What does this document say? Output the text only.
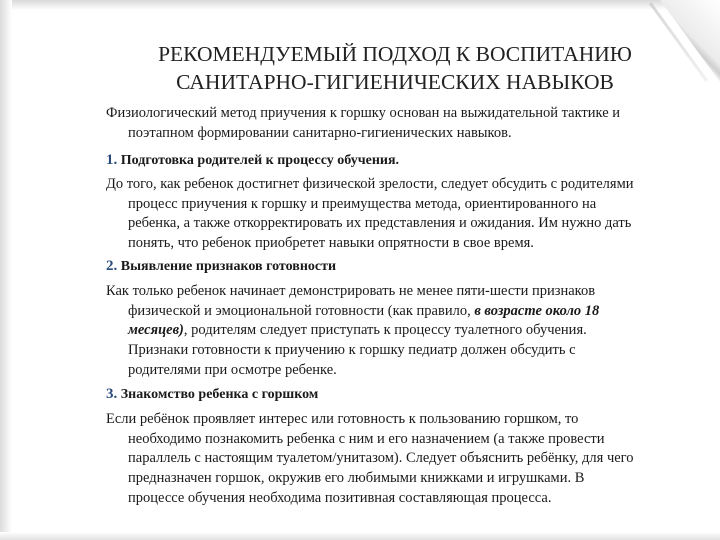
РЕКОМЕНДУЕМЫЙ ПОДХОД К ВОСПИТАНИЮ
САНИТАРНО-ГИГИЕНИЧЕСКИХ НАВЫКОВ

Физиологический метод приучения к горшку основан на выжидательной тактике и
поэтапном формировании санитарно-гигиенических навыков.

1. Подготовка родителей к процессу обучения.

До того, как ребенок достигнет физической зрелости, следует обсудить с родителями
процесс приучения к горшку и преимущества метода, ориентированного на
ребенка, а также откорректировать их представления и ожидания. Им нужно дать
понять, что ребенок приобретет навыки опрятности в свое время.

2. Выявление признаков готовности

Как только ребенок начинает демонстрировать не менее пяти-шести признаков
физической и эмоциональной готовности (как правило, в возрасте около 18
месяцев), родителям следует приступать к процессу туалетного обучения.
Признаки готовности к приучению к горшку педиатр должен обсудить с
родителями при осмотре ребенке.

3. Знакомство ребенка с горшком

Если ребёнок проявляет интерес или готовность к пользованию горшком, то
необходимо познакомить ребенка с ним и его назначением (а также провести
параллель с настоящим туалетом/унитазом). Следует объяснить ребёнку, для чего
предназначен горшок, окружив его любимыми книжками и игрушками. В
процессе обучения необходима позитивная составляющая процесса.
